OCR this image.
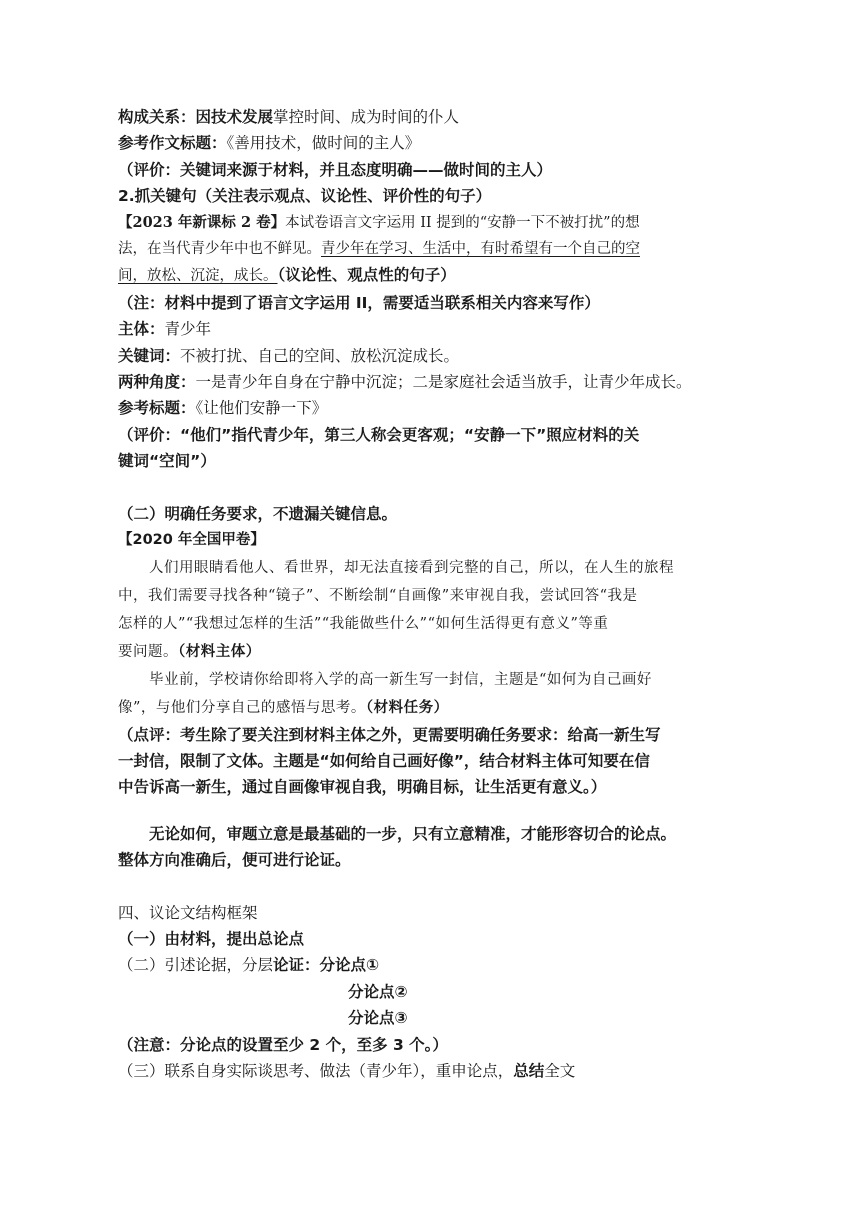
构成关系：因技术发展掌控时间、成为时间的仆人
参考作文标题：《善用技术，做时间的主人》
（评价：关键词来源于材料，并且态度明确——做时间的主人）
2.抓关键句（关注表示观点、议论性、评价性的句子）
【2023 年新课标 2 卷】本试卷语言文字运用 II 提到的“安静一下不被打扰”的想
法，在当代青少年中也不鲜见。青少年在学习、生活中，有时希望有一个自己的空
间，放松、沉淀，成长。（议论性、观点性的句子）
（注：材料中提到了语言文字运用 II，需要适当联系相关内容来写作）
主体：青少年
关键词：不被打扰、自己的空间、放松沉淀成长。
两种角度：一是青少年自身在宁静中沉淀；二是家庭社会适当放手，让青少年成长。
参考标题：《让他们安静一下》
（评价：“他们”指代青少年，第三人称会更客观；“安静一下”照应材料的关
键词“空间”）
（二）明确任务要求，不遗漏关键信息。
【2020 年全国甲卷】
人们用眼睛看他人、看世界，却无法直接看到完整的自己，所以，在人生的旅程
中，我们需要寻找各种“镜子”、不断绘制“自画像”来审视自我，尝试回答“我是
怎样的人”“我想过怎样的生活”“我能做些什么”“如何生活得更有意义”等重
要问题。（材料主体）
毕业前，学校请你给即将入学的高一新生写一封信，主题是“如何为自己画好
像”，与他们分享自己的感悟与思考。（材料任务）
（点评：考生除了要关注到材料主体之外，更需要明确任务要求：给高一新生写
一封信，限制了文体。主题是“如何给自己画好像”，结合材料主体可知要在信
中告诉高一新生，通过自画像审视自我，明确目标，让生活更有意义。）
无论如何，审题立意是最基础的一步，只有立意精准，才能形容切合的论点。
整体方向准确后，便可进行论证。
四、议论文结构框架
（一）由材料，提出总论点
（二）引述论据，分层论证：分论点①
分论点②
分论点③
（注意：分论点的设置至少 2 个，至多 3 个。）
（三）联系自身实际谈思考、做法（青少年），重申论点，总结全文
